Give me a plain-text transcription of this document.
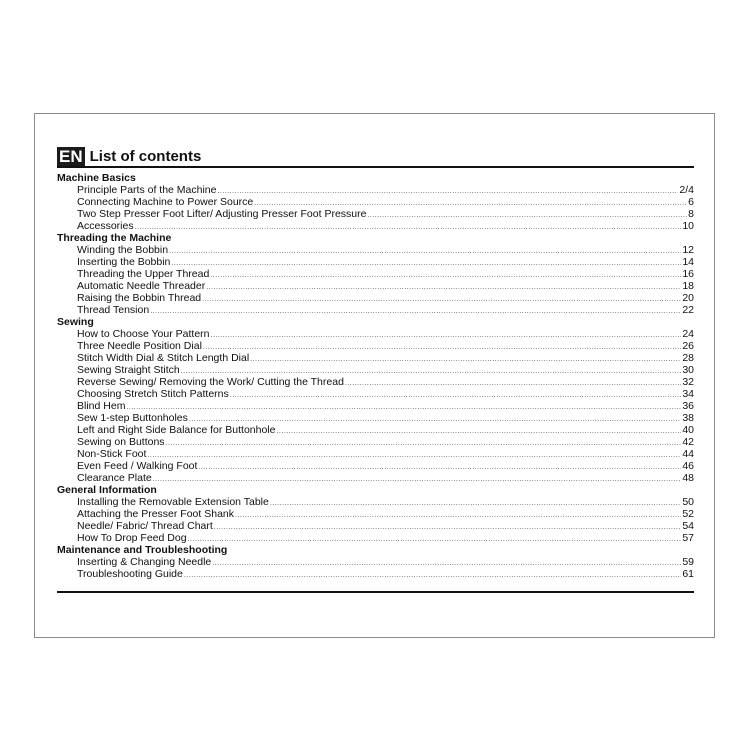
EN List of contents
Machine Basics
Principle Parts of the Machine .....	2/4
Connecting Machine to Power Source .....	6
Two Step Presser Foot Lifter/ Adjusting Presser Foot Pressure .....	8
Accessories .....	10
Threading the Machine
Winding the Bobbin .....	12
Inserting the Bobbin .....	14
Threading the Upper Thread .....	16
Automatic Needle Threader .....	18
Raising the Bobbin Thread .....	20
Thread Tension .....	22
Sewing
How to Choose Your Pattern .....	24
Three Needle Position Dial .....	26
Stitch Width Dial & Stitch Length Dial .....	28
Sewing Straight Stitch .....	30
Reverse Sewing/ Removing the Work/ Cutting the Thread .....	32
Choosing Stretch Stitch Patterns .....	34
Blind Hem .....	36
Sew 1-step Buttonholes .....	38
Left and Right Side Balance for Buttonhole .....	40
Sewing on Buttons .....	42
Non-Stick Foot .....	44
Even Feed / Walking Foot .....	46
Clearance Plate .....	48
General Information
Installing the Removable Extension Table .....	50
Attaching the Presser Foot Shank .....	52
Needle/ Fabric/ Thread Chart .....	54
How To Drop Feed Dog .....	57
Maintenance and Troubleshooting
Inserting & Changing Needle .....	59
Troubleshooting Guide .....	61
